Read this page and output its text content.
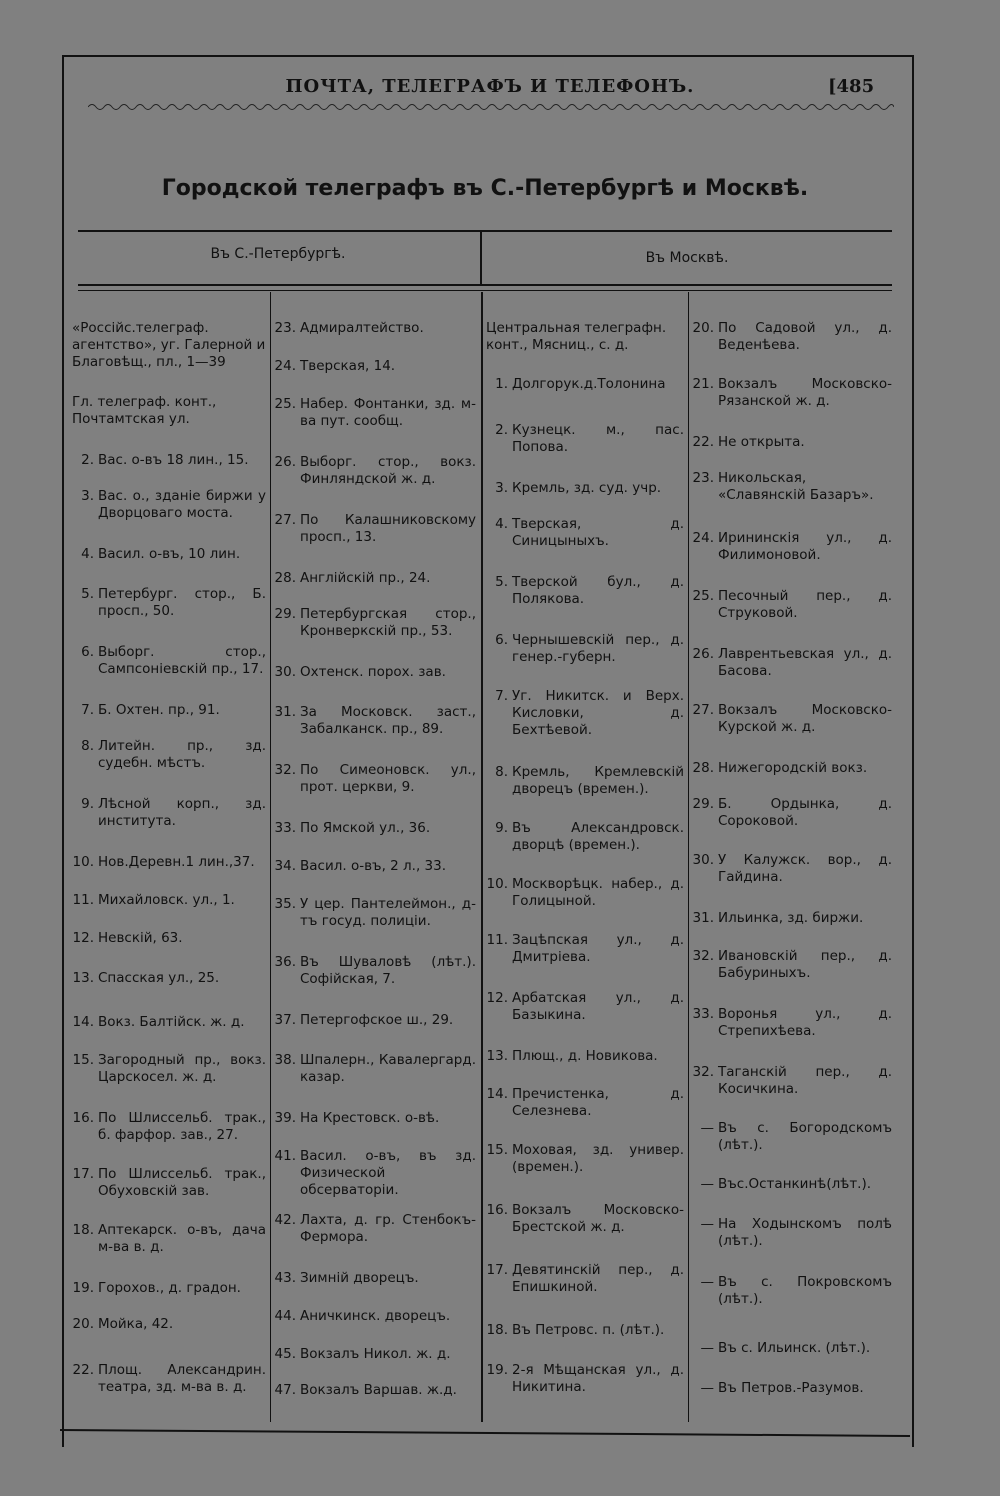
ПОЧТА, ТЕЛЕГРАФЪ И ТЕЛЕФОНЪ.	[485
Городской телеграфъ въ С.-Петербургѣ и Москвѣ.
Въ С.-Петербургѣ.	Въ Москвѣ.
«Россійс.телеграф. агентство», уг. Галерной и Благовѣщ., пл., 1—39
Гл. телеграф. конт., Почтамтская ул.
2. Вас. о-въ 18 лин., 15.
3. Вас. о., зданіе биржи у Дворцоваго моста.
4. Васил. о-въ, 10 лин.
5. Петербург. стор., Б. просп., 50.
6. Выборг. стор., Сампсоніевскій пр., 17.
7. Б. Охтен. пр., 91.
8. Литейн. пр., зд. судебн. мѣстъ.
9. Лѣсной корп., зд. института.
10. Нов.Деревн.1 лин.,37.
11. Михайловск. ул., 1.
12. Невскій, 63.
13. Спасская ул., 25.
14. Вокз. Балтійск. ж. д.
15. Загородный пр., вокз. Царскосел. ж. д.
16. По Шлиссельб. трак., б. фарфор. зав., 27.
17. По Шлиссельб. трак., Обуховскій зав.
18. Аптекарск. о-въ, дача м-ва в. д.
19. Горохов., д. градон.
20. Мойка, 42.
22. Площ. Александрин. театра, зд. м-ва в. д.
23. Адмиралтейство.
24. Тверская, 14.
25. Набер. Фонтанки, зд. м-ва пут. сообщ.
26. Выборг. стор., вокз. Финляндской ж. д.
27. По Калашниковскому просп., 13.
28. Англійскій пр., 24.
29. Петербургская стор., Кронверкскій пр., 53.
30. Охтенск. порох. зав.
31. За Московск. заст., Забалканск. пр., 89.
32. По Симеоновск. ул., прот. церкви, 9.
33. По Ямской ул., 36.
34. Васил. о-въ, 2 л., 33.
35. У цер. Пантелеймон., д-тъ госуд. полиціи.
36. Въ Шуваловѣ (лѣт.). Софійская, 7.
37. Петергофское ш., 29.
38. Шпалерн., Кавалергард. казар.
39. На Крестовск. о-вѣ.
41. Васил. о-въ, въ зд. Физической обсерваторіи.
42. Лахта, д. гр. Стенбокъ-Фермора.
43. Зимній дворецъ.
44. Аничкинск. дворецъ.
45. Вокзалъ Никол. ж. д.
47. Вокзалъ Варшав. ж.д.
Центральная телеграфн. конт., Мясниц., с. д.
1. Долгорук.д.Толонина
2. Кузнецк. м., пас. Попова.
3. Кремль, зд. суд. учр.
4. Тверская, д. Синицыныхъ.
5. Тверской бул., д. Полякова.
6. Чернышевскій пер., д. генер.-губерн.
7. Уг. Никитск. и Верх. Кисловки, д. Бехтѣевой.
8. Кремль, Кремлевскій дворецъ (времен.).
9. Въ Александровск. дворцѣ (времен.).
10. Москворѣцк. набер., д. Голицыной.
11. Зацѣпская ул., д. Дмитріева.
12. Арбатская ул., д. Базыкина.
13. Плющ., д. Новикова.
14. Пречистенка, д. Селезнева.
15. Моховая, зд. универ. (времен.).
16. Вокзалъ Московско-Брестской ж. д.
17. Девятинскій пер., д. Епишкиной.
18. Въ Петровс. п. (лѣт.).
19. 2-я Мѣщанская ул., д. Никитина.
20. По Садовой ул., д. Веденѣева.
21. Вокзалъ Московско-Рязанской ж. д.
22. Не открыта.
23. Никольская, «Славянскій Базаръ».
24. Ирининскія ул., д. Филимоновой.
25. Песочный пер., д. Струковой.
26. Лаврентьевская ул., д. Басова.
27. Вокзалъ Московско-Курской ж. д.
28. Нижегородскій вокз.
29. Б. Ордынка, д. Сороковой.
30. У Калужск. вор., д. Гайдина.
31. Ильинка, зд. биржи.
32. Ивановскій пер., д. Бабуриныхъ.
33. Воронья ул., д. Стрепихѣева.
32. Таганскій пер., д. Косичкина.
— Въ с. Богородскомъ (лѣт.).
— Въс.Останкинѣ(лѣт.).
— На Ходынскомъ полѣ (лѣт.).
— Въ с. Покровскомъ (лѣт.).
— Въ с. Ильинск. (лѣт.).
— Въ Петров.-Разумов.
